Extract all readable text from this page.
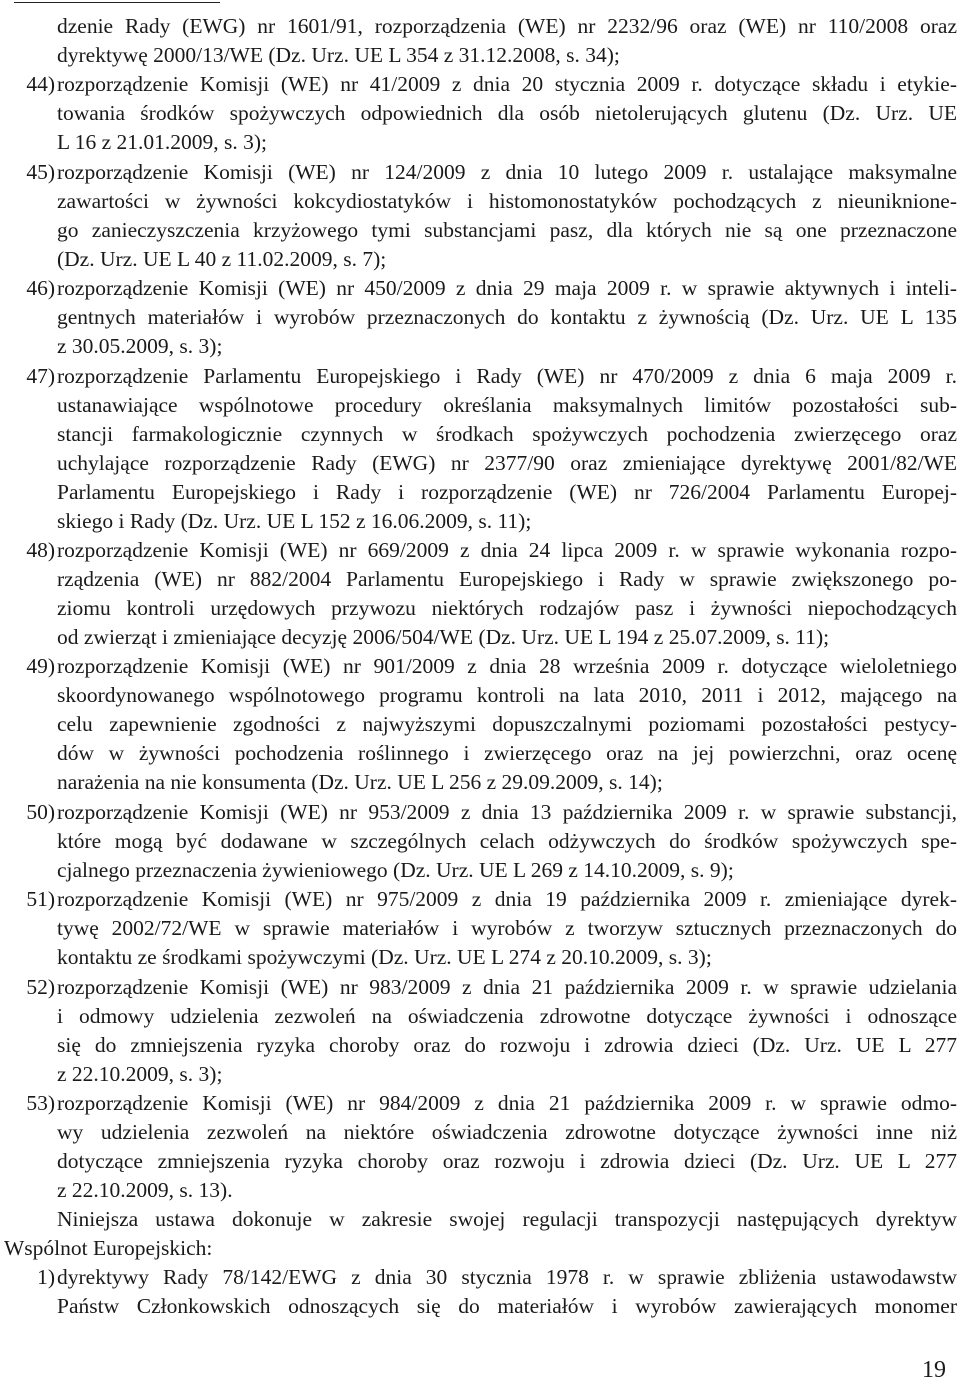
dzenie Rady (EWG) nr 1601/91, rozporządzenia (WE) nr 2232/96 oraz (WE) nr 110/2008 oraz
dyrektywę 2000/13/WE (Dz. Urz. UE L 354 z 31.12.2008, s. 34);
44) rozporządzenie Komisji (WE) nr 41/2009 z dnia 20 stycznia 2009 r. dotyczące składu i etykie-
towania środków spożywczych odpowiednich dla osób nietolerujących glutenu (Dz. Urz. UE
L 16 z 21.01.2009, s. 3);
45) rozporządzenie Komisji (WE) nr 124/2009 z dnia 10 lutego 2009 r. ustalające maksymalne
zawartości w żywności kokcydiostatyków i histomonostatyków pochodzących z nieuniknione-
go zanieczyszczenia krzyżowego tymi substancjami pasz, dla których nie są one przeznaczone
(Dz. Urz. UE L 40 z 11.02.2009, s. 7);
46) rozporządzenie Komisji (WE) nr 450/2009 z dnia 29 maja 2009 r. w sprawie aktywnych i inteli-
gentnych materiałów i wyrobów przeznaczonych do kontaktu z żywnością (Dz. Urz. UE L 135
z 30.05.2009, s. 3);
47) rozporządzenie Parlamentu Europejskiego i Rady (WE) nr 470/2009 z dnia 6 maja 2009 r.
ustanawiające wspólnotowe procedury określania maksymalnych limitów pozostałości sub-
stancji farmakologicznie czynnych w środkach spożywczych pochodzenia zwierzęcego oraz
uchylające rozporządzenie Rady (EWG) nr 2377/90 oraz zmieniające dyrektywę 2001/82/WE
Parlamentu Europejskiego i Rady i rozporządzenie (WE) nr 726/2004 Parlamentu Europej-
skiego i Rady (Dz. Urz. UE L 152 z 16.06.2009, s. 11);
48) rozporządzenie Komisji (WE) nr 669/2009 z dnia 24 lipca 2009 r. w sprawie wykonania rozpo-
rządzenia (WE) nr 882/2004 Parlamentu Europejskiego i Rady w sprawie zwiększonego po-
ziomu kontroli urzędowych przywozu niektórych rodzajów pasz i żywności niepochodzących
od zwierząt i zmieniające decyzję 2006/504/WE (Dz. Urz. UE L 194 z 25.07.2009, s. 11);
49) rozporządzenie Komisji (WE) nr 901/2009 z dnia 28 września 2009 r. dotyczące wieloletniego
skoordynowanego wspólnotowego programu kontroli na lata 2010, 2011 i 2012, mającego na
celu zapewnienie zgodności z najwyższymi dopuszczalnymi poziomami pozostałości pestycy-
dów w żywności pochodzenia roślinnego i zwierzęcego oraz na jej powierzchni, oraz ocenę
narażenia na nie konsumenta (Dz. Urz. UE L 256 z 29.09.2009, s. 14);
50) rozporządzenie Komisji (WE) nr 953/2009 z dnia 13 października 2009 r. w sprawie substancji,
które mogą być dodawane w szczególnych celach odżywczych do środków spożywczych spe-
cjalnego przeznaczenia żywieniowego (Dz. Urz. UE L 269 z 14.10.2009, s. 9);
51) rozporządzenie Komisji (WE) nr 975/2009 z dnia 19 października 2009 r. zmieniające dyrek-
tywę 2002/72/WE w sprawie materiałów i wyrobów z tworzyw sztucznych przeznaczonych do
kontaktu ze środkami spożywczymi (Dz. Urz. UE L 274 z 20.10.2009, s. 3);
52) rozporządzenie Komisji (WE) nr 983/2009 z dnia 21 października 2009 r. w sprawie udzielania
i odmowy udzielenia zezwoleń na oświadczenia zdrowotne dotyczące żywności i odnoszące
się do zmniejszenia ryzyka choroby oraz do rozwoju i zdrowia dzieci (Dz. Urz. UE L 277
z 22.10.2009, s. 3);
53) rozporządzenie Komisji (WE) nr 984/2009 z dnia 21 października 2009 r. w sprawie odmo-
wy udzielenia zezwoleń na niektóre oświadczenia zdrowotne dotyczące żywności inne niż
dotyczące zmniejszenia ryzyka choroby oraz rozwoju i zdrowia dzieci (Dz. Urz. UE L 277
z 22.10.2009, s. 13).
Niniejsza ustawa dokonuje w zakresie swojej regulacji transpozycji następujących dyrektyw
Wspólnot Europejskich:
1) dyrektywy Rady 78/142/EWG z dnia 30 stycznia 1978 r. w sprawie zbliżenia ustawodawstw
Państw Członkowskich odnoszących się do materiałów i wyrobów zawierających monomer
19
